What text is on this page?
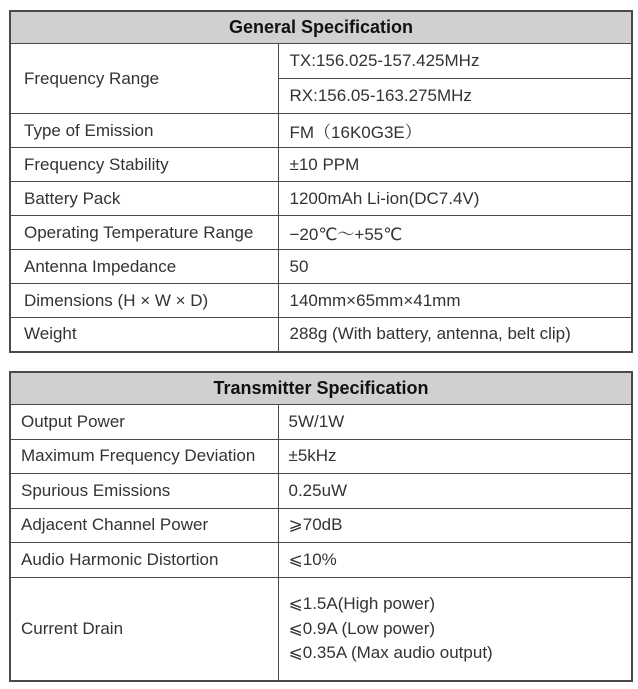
General Specification	
Frequency Range	TX:156.025-157.425MHz
	RX:156.05-163.275MHz
Type of Emission	FM（16K0G3E）
Frequency Stability	±10 PPM
Battery Pack	1200mAh Li-ion(DC7.4V)
Operating Temperature Range	−20℃～+55℃
Antenna Impedance	50
Dimensions (H × W × D)	140mm×65mm×41mm
Weight	288g (With battery, antenna, belt clip)
Transmitter Specification	
Output Power	5W/1W
Maximum Frequency Deviation	±5kHz
Spurious Emissions	0.25uW
Adjacent Channel Power	⩾70dB
Audio Harmonic Distortion	⩽10%
Current Drain	⩽1.5A(High power)
⩽0.9A (Low power)
⩽0.35A (Max audio output)
